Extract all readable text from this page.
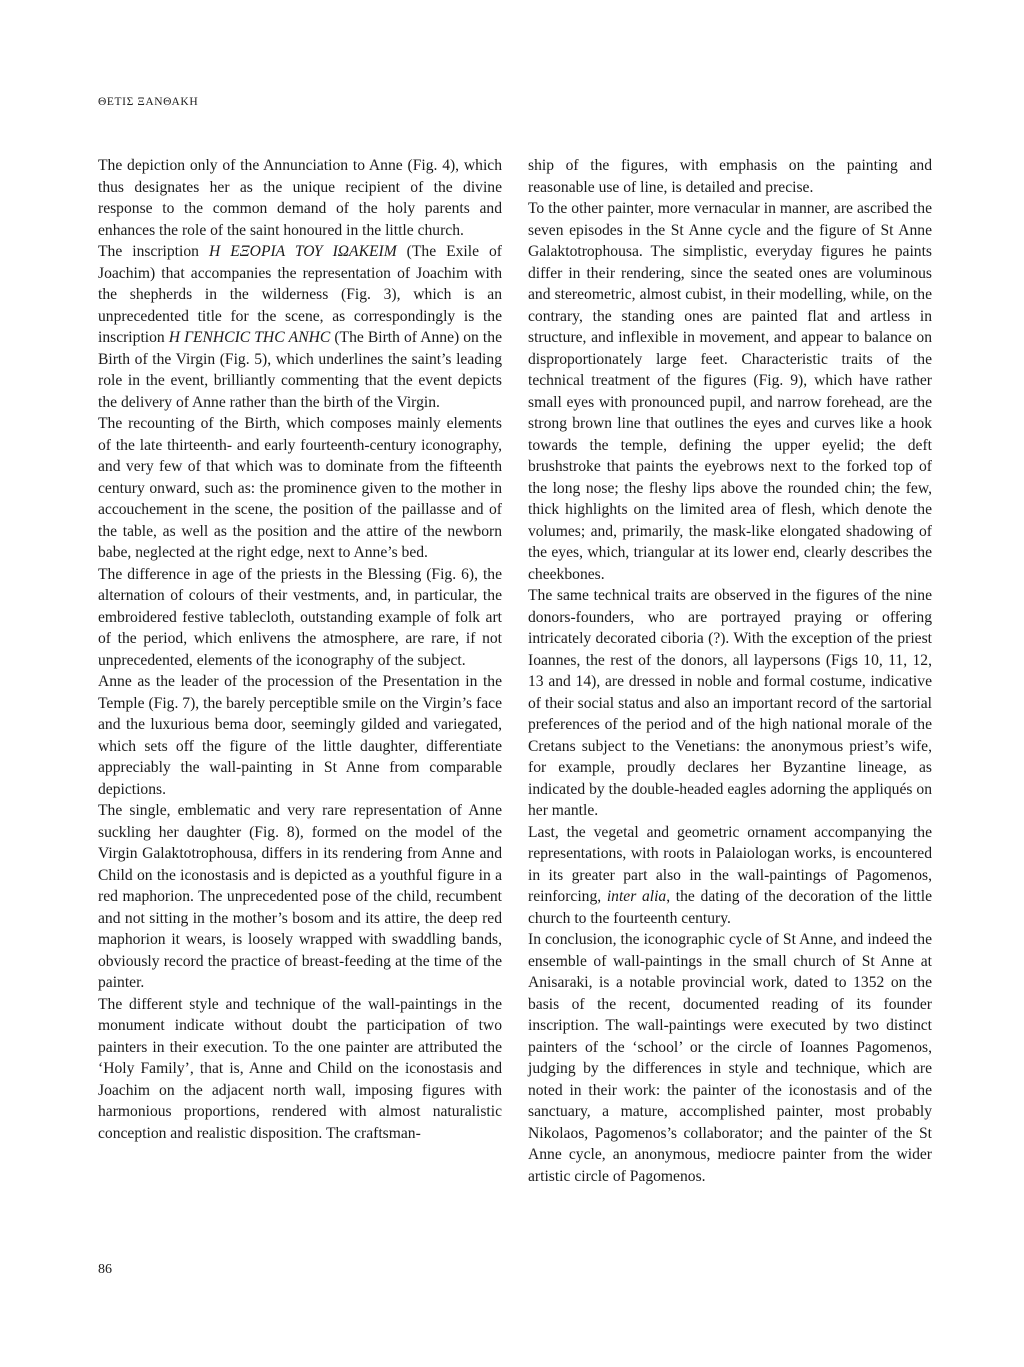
ΘΕΤΙΣ ΞΑΝΘΑΚΗ

The depiction only of the Annunciation to Anne (Fig. 4), which thus designates her as the unique recipient of the divine response to the common demand of the holy parents and enhances the role of the saint honoured in the little church.

The inscription Η ΕΞΟΡΙΑ ΤΟΥ ΙΩΑΚΕΙΜ (The Exile of Joachim) that accompanies the representation of Joachim with the shepherds in the wilderness (Fig. 3), which is an unprecedented title for the scene, as correspondingly is the inscription Η ΓΕΝΗCΙC ΤΗC ΑΝΗC (The Birth of Anne) on the Birth of the Virgin (Fig. 5), which underlines the saint’s leading role in the event, brilliantly commenting that the event depicts the delivery of Anne rather than the birth of the Virgin.

The recounting of the Birth, which composes mainly elements of the late thirteenth- and early fourteenth-century iconography, and very few of that which was to dominate from the fifteenth century onward, such as: the prominence given to the mother in accouchement in the scene, the position of the paillasse and of the table, as well as the position and the attire of the newborn babe, neglected at the right edge, next to Anne’s bed.

The difference in age of the priests in the Blessing (Fig. 6), the alternation of colours of their vestments, and, in particular, the embroidered festive tablecloth, outstanding example of folk art of the period, which enlivens the atmosphere, are rare, if not unprecedented, elements of the iconography of the subject.

Anne as the leader of the procession of the Presentation in the Temple (Fig. 7), the barely perceptible smile on the Virgin’s face and the luxurious bema door, seemingly gilded and variegated, which sets off the figure of the little daughter, differentiate appreciably the wall-painting in St Anne from comparable depictions.

The single, emblematic and very rare representation of Anne suckling her daughter (Fig. 8), formed on the model of the Virgin Galaktotrophousa, differs in its rendering from Anne and Child on the iconostasis and is depicted as a youthful figure in a red maphorion. The unprecedented pose of the child, recumbent and not sitting in the mother’s bosom and its attire, the deep red maphorion it wears, is loosely wrapped with swaddling bands, obviously record the practice of breast-feeding at the time of the painter.

The different style and technique of the wall-paintings in the monument indicate without doubt the participation of two painters in their execution. To the one painter are attributed the ‘Holy Family’, that is, Anne and Child on the iconostasis and Joachim on the adjacent north wall, imposing figures with harmonious proportions, rendered with almost naturalistic conception and realistic disposition. The craftsman-

ship of the figures, with emphasis on the painting and reasonable use of line, is detailed and precise.

To the other painter, more vernacular in manner, are ascribed the seven episodes in the St Anne cycle and the figure of St Anne Galaktotrophousa. The simplistic, everyday figures he paints differ in their rendering, since the seated ones are voluminous and stereometric, almost cubist, in their modelling, while, on the contrary, the standing ones are painted flat and artless in structure, and inflexible in movement, and appear to balance on disproportionately large feet. Characteristic traits of the technical treatment of the figures (Fig. 9), which have rather small eyes with pronounced pupil, and narrow forehead, are the strong brown line that outlines the eyes and curves like a hook towards the temple, defining the upper eyelid; the deft brushstroke that paints the eyebrows next to the forked top of the long nose; the fleshy lips above the rounded chin; the few, thick highlights on the limited area of flesh, which denote the volumes; and, primarily, the mask-like elongated shadowing of the eyes, which, triangular at its lower end, clearly describes the cheekbones.

The same technical traits are observed in the figures of the nine donors-founders, who are portrayed praying or offering intricately decorated ciboria (?). With the exception of the priest Ioannes, the rest of the donors, all laypersons (Figs 10, 11, 12, 13 and 14), are dressed in noble and formal costume, indicative of their social status and also an important record of the sartorial preferences of the period and of the high national morale of the Cretans subject to the Venetians: the anonymous priest’s wife, for example, proudly declares her Byzantine lineage, as indicated by the double-headed eagles adorning the appliqués on her mantle.

Last, the vegetal and geometric ornament accompanying the representations, with roots in Palaiologan works, is encountered in its greater part also in the wall-paintings of Pagomenos, reinforcing, inter alia, the dating of the decoration of the little church to the fourteenth century.

In conclusion, the iconographic cycle of St Anne, and indeed the ensemble of wall-paintings in the small church of St Anne at Anisaraki, is a notable provincial work, dated to 1352 on the basis of the recent, documented reading of its founder inscription. The wall-paintings were executed by two distinct painters of the ‘school’ or the circle of Ioannes Pagomenos, judging by the differences in style and technique, which are noted in their work: the painter of the iconostasis and of the sanctuary, a mature, accomplished painter, most probably Nikolaos, Pagomenos’s collaborator; and the painter of the St Anne cycle, an anonymous, mediocre painter from the wider artistic circle of Pagomenos.

86
